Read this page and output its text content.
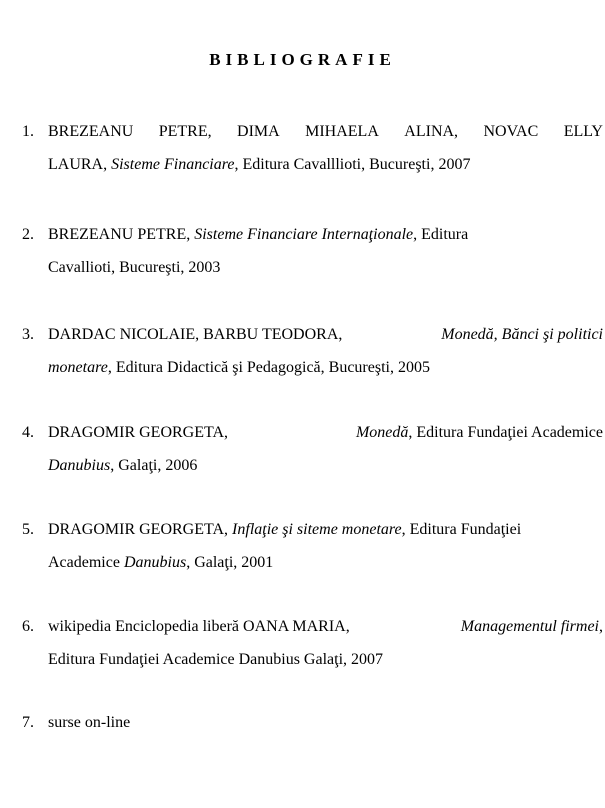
BIBLIOGRAFIE
1. BREZEANU PETRE, DIMA MIHAELA ALINA, NOVAC ELLY
LAURA, Sisteme Financiare, Editura Cavalllioti, Bucureşti, 2007
2. BREZEANU PETRE, Sisteme Financiare Internaţionale, Editura
Cavallioti, Bucureşti, 2003
3. DARDAC NICOLAIE, BARBU TEODORA,	Monedă, Bănci şi politici
monetare, Editura Didactică şi Pedagogică, Bucureşti, 2005
4. DRAGOMIR GEORGETA,	Monedă, Editura Fundaţiei Academice
Danubius, Galaţi, 2006
5. DRAGOMIR GEORGETA, Inflaţie şi siteme monetare, Editura Fundaţiei
Academice Danubius, Galaţi, 2001
6. wikipedia Enciclopedia liberă OANA MARIA,	Managementul firmei,
Editura Fundaţiei Academice Danubius Galaţi, 2007
7. surse on-line
